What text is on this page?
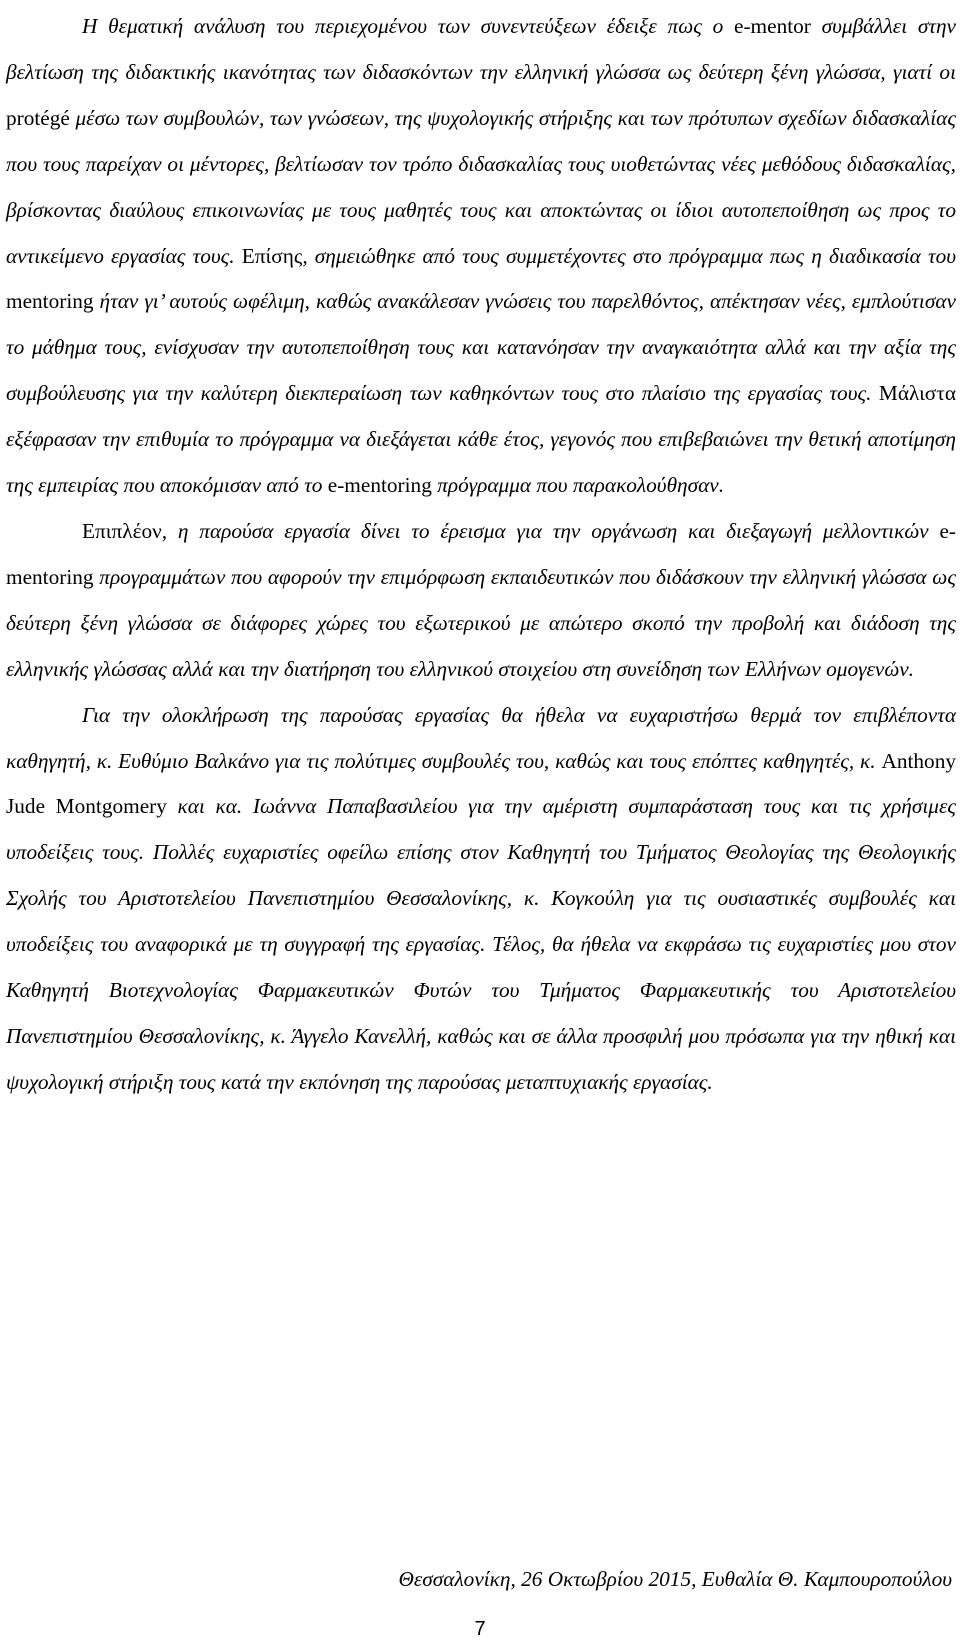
Η θεματική ανάλυση του περιεχομένου των συνεντεύξεων έδειξε πως ο e-mentor συμβάλλει στην βελτίωση της διδακτικής ικανότητας των διδασκόντων την ελληνική γλώσσα ως δεύτερη ξένη γλώσσα, γιατί οι protégé μέσω των συμβουλών, των γνώσεων, της ψυχολογικής στήριξης και των πρότυπων σχεδίων διδασκαλίας που τους παρείχαν οι μέντορες, βελτίωσαν τον τρόπο διδασκαλίας τους υιοθετώντας νέες μεθόδους διδασκαλίας, βρίσκοντας διαύλους επικοινωνίας με τους μαθητές τους και αποκτώντας οι ίδιοι αυτοπεποίθηση ως προς το αντικείμενο εργασίας τους. Επίσης, σημειώθηκε από τους συμμετέχοντες στο πρόγραμμα πως η διαδικασία του mentoring ήταν γι’ αυτούς ωφέλιμη, καθώς ανακάλεσαν γνώσεις του παρελθόντος, απέκτησαν νέες, εμπλούτισαν το μάθημα τους, ενίσχυσαν την αυτοπεποίθηση τους και κατανόησαν την αναγκαιότητα αλλά και την αξία της συμβούλευσης για την καλύτερη διεκπεραίωση των καθηκόντων τους στο πλαίσιο της εργασίας τους. Μάλιστα εξέφρασαν την επιθυμία το πρόγραμμα να διεξάγεται κάθε έτος, γεγονός που επιβεβαιώνει την θετική αποτίμηση της εμπειρίας που αποκόμισαν από το e-mentoring πρόγραμμα που παρακολούθησαν.

Επιπλέον, η παρούσα εργασία δίνει το έρεισμα για την οργάνωση και διεξαγωγή μελλοντικών e-mentoring προγραμμάτων που αφορούν την επιμόρφωση εκπαιδευτικών που διδάσκουν την ελληνική γλώσσα ως δεύτερη ξένη γλώσσα σε διάφορες χώρες του εξωτερικού με απώτερο σκοπό την προβολή και διάδοση της ελληνικής γλώσσας αλλά και την διατήρηση του ελληνικού στοιχείου στη συνείδηση των Ελλήνων ομογενών.

Για την ολοκλήρωση της παρούσας εργασίας θα ήθελα να ευχαριστήσω θερμά τον επιβλέποντα καθηγητή, κ. Ευθύμιο Βαλκάνο για τις πολύτιμες συμβουλές του, καθώς και τους επόπτες καθηγητές, κ. Anthony Jude Montgomery και κα. Ιωάννα Παπαβασιλείου για την αμέριστη συμπαράσταση τους και τις χρήσιμες υποδείξεις τους. Πολλές ευχαριστίες οφείλω επίσης στον Καθηγητή του Τμήματος Θεολογίας της Θεολογικής Σχολής του Αριστοτελείου Πανεπιστημίου Θεσσαλονίκης, κ. Κογκούλη για τις ουσιαστικές συμβουλές και υποδείξεις του αναφορικά με τη συγγραφή της εργασίας. Τέλος, θα ήθελα να εκφράσω τις ευχαριστίες μου στον Καθηγητή Βιοτεχνολογίας Φαρμακευτικών Φυτών του Τμήματος Φαρμακευτικής του Αριστοτελείου Πανεπιστημίου Θεσσαλονίκης, κ. Άγγελο Κανελλή, καθώς και σε άλλα προσφιλή μου πρόσωπα για την ηθική και ψυχολογική στήριξη τους κατά την εκπόνηση της παρούσας μεταπτυχιακής εργασίας.

Θεσσαλονίκη, 26 Οκτωβρίου 2015, Ευθαλία Θ. Καμπουροπούλου
7
